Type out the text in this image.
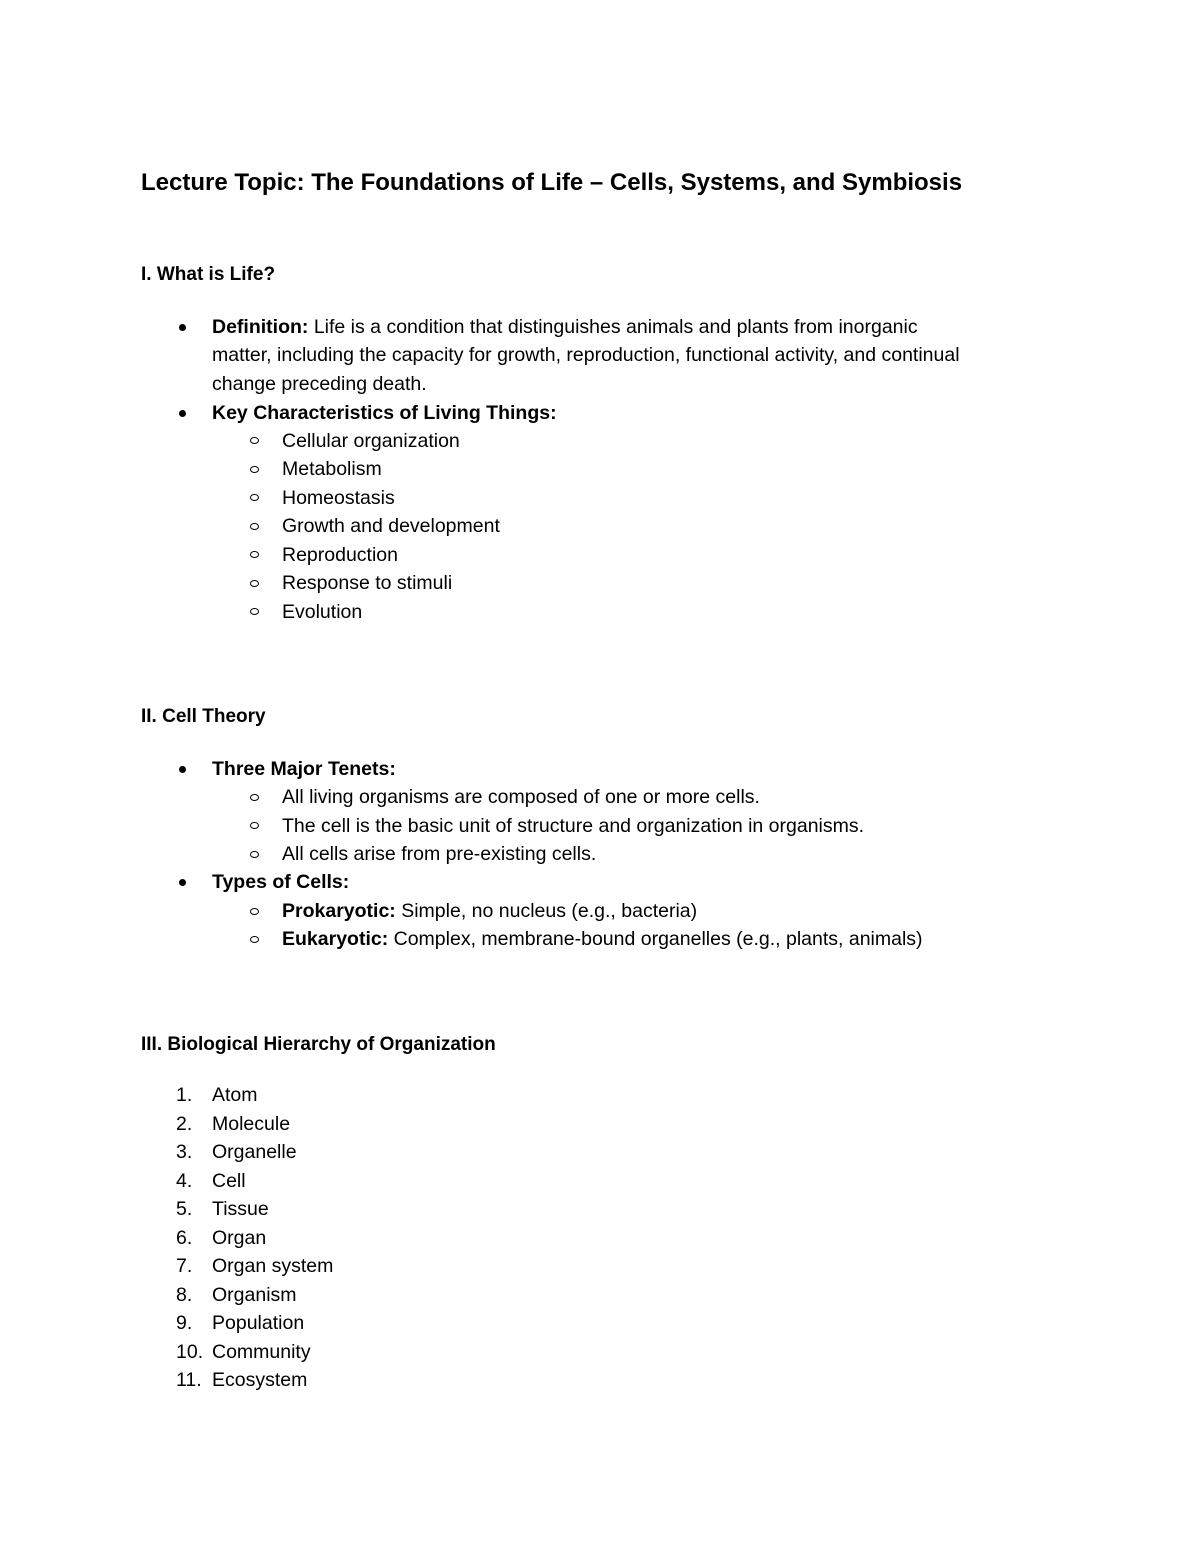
Lecture Topic: The Foundations of Life – Cells, Systems, and Symbiosis
I. What is Life?
Definition: Life is a condition that distinguishes animals and plants from inorganic
matter, including the capacity for growth, reproduction, functional activity, and continual
change preceding death.
Key Characteristics of Living Things:
Cellular organization
Metabolism
Homeostasis
Growth and development
Reproduction
Response to stimuli
Evolution
II. Cell Theory
Three Major Tenets:
All living organisms are composed of one or more cells.
The cell is the basic unit of structure and organization in organisms.
All cells arise from pre-existing cells.
Types of Cells:
Prokaryotic: Simple, no nucleus (e.g., bacteria)
Eukaryotic: Complex, membrane-bound organelles (e.g., plants, animals)
III. Biological Hierarchy of Organization
1. Atom
2. Molecule
3. Organelle
4. Cell
5. Tissue
6. Organ
7. Organ system
8. Organism
9. Population
10. Community
11. Ecosystem
